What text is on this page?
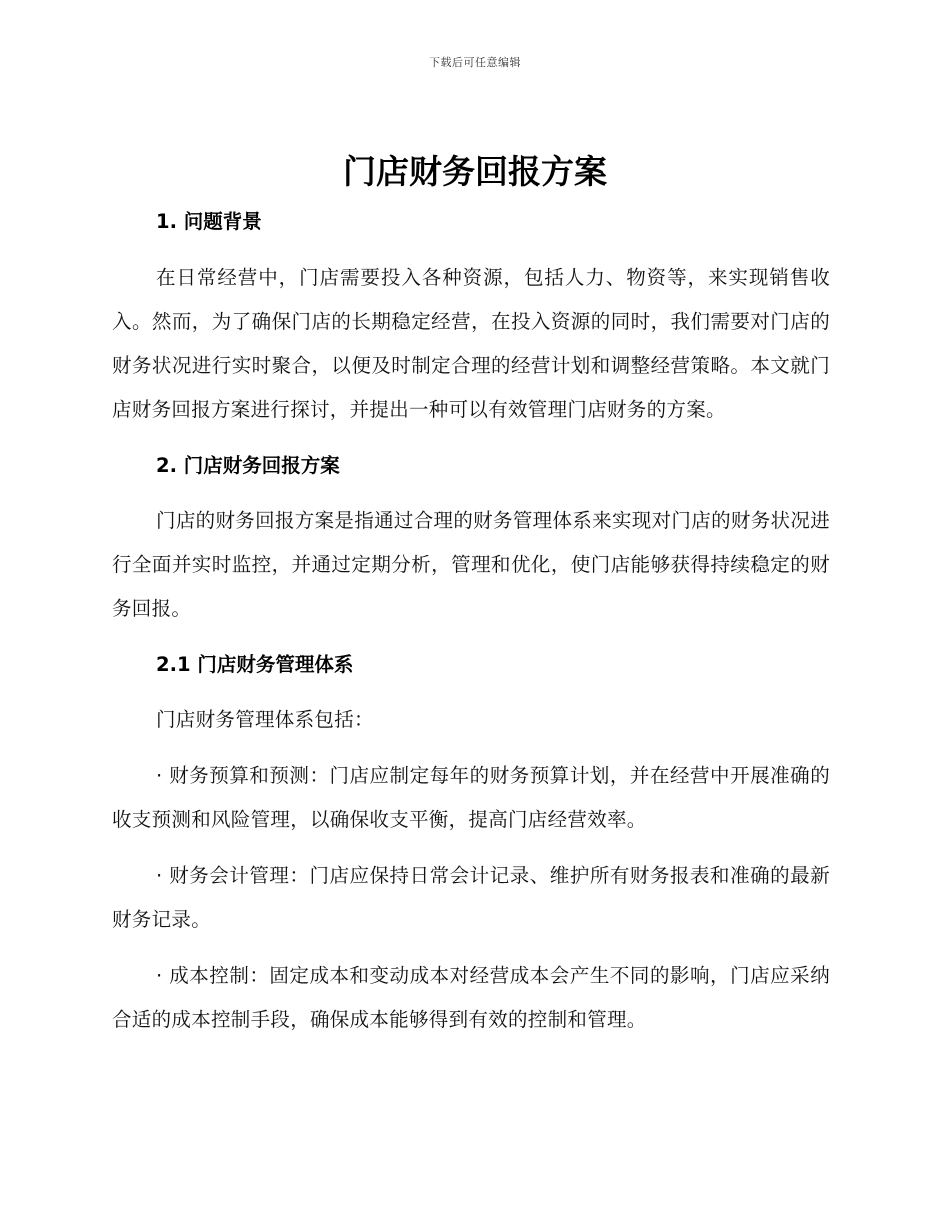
下载后可任意编辑
门店财务回报方案
1. 问题背景

在日常经营中，门店需要投入各种资源，包括人力、物资等，来实现销售收入。然而，为了确保门店的长期稳定经营，在投入资源的同时，我们需要对门店的财务状况进行实时聚合，以便及时制定合理的经营计划和调整经营策略。本文就门店财务回报方案进行探讨，并提出一种可以有效管理门店财务的方案。

2. 门店财务回报方案

门店的财务回报方案是指通过合理的财务管理体系来实现对门店的财务状况进行全面并实时监控，并通过定期分析，管理和优化，使门店能够获得持续稳定的财务回报。

2.1 门店财务管理体系

门店财务管理体系包括：

· 财务预算和预测：门店应制定每年的财务预算计划，并在经营中开展准确的收支预测和风险管理，以确保收支平衡，提高门店经营效率。

· 财务会计管理：门店应保持日常会计记录、维护所有财务报表和准确的最新财务记录。

· 成本控制：固定成本和变动成本对经营成本会产生不同的影响，门店应采纳合适的成本控制手段，确保成本能够得到有效的控制和管理。
